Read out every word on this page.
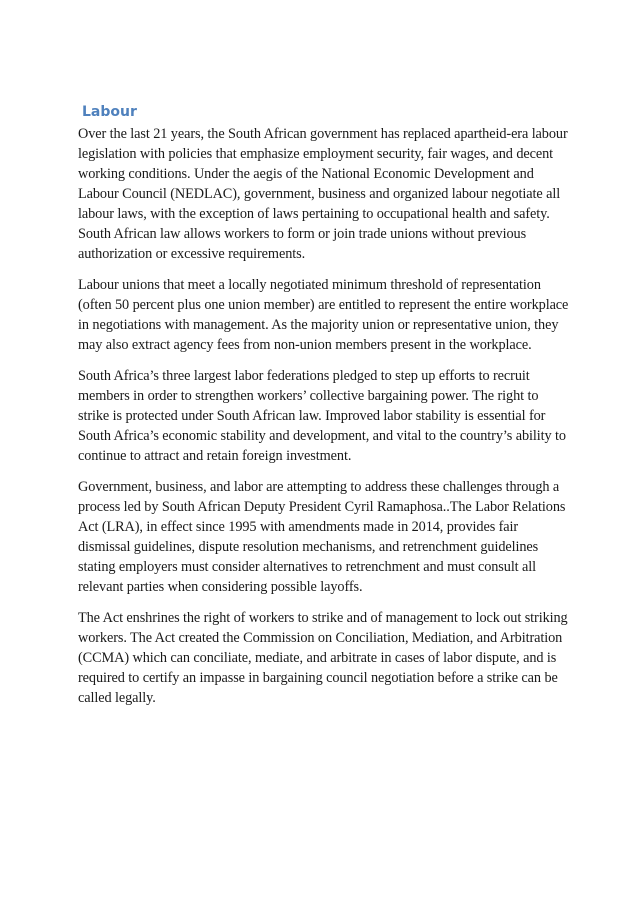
Labour

Over the last 21 years, the South African government has replaced apartheid-era labour legislation with policies that emphasize employment security, fair wages, and decent working conditions. Under the aegis of the National Economic Development and Labour Council (NEDLAC), government, business and organized labour negotiate all labour laws, with the exception of laws pertaining to occupational health and safety. South African law allows workers to form or join trade unions without previous authorization or excessive requirements.

Labour unions that meet a locally negotiated minimum threshold of representation (often 50 percent plus one union member) are entitled to represent the entire workplace in negotiations with management. As the majority union or representative union, they may also extract agency fees from non-union members present in the workplace.

South Africa’s three largest labor federations pledged to step up efforts to recruit members in order to strengthen workers’ collective bargaining power. The right to strike is protected under South African law. Improved labor stability is essential for South Africa’s economic stability and development, and vital to the country’s ability to continue to attract and retain foreign investment.

Government, business, and labor are attempting to address these challenges through a process led by South African Deputy President Cyril Ramaphosa..The Labor Relations Act (LRA), in effect since 1995 with amendments made in 2014, provides fair dismissal guidelines, dispute resolution mechanisms, and retrenchment guidelines stating employers must consider alternatives to retrenchment and must consult all relevant parties when considering possible layoffs.

The Act enshrines the right of workers to strike and of management to lock out striking workers. The Act created the Commission on Conciliation, Mediation, and Arbitration (CCMA) which can conciliate, mediate, and arbitrate in cases of labor dispute, and is required to certify an impasse in bargaining council negotiation before a strike can be called legally.
